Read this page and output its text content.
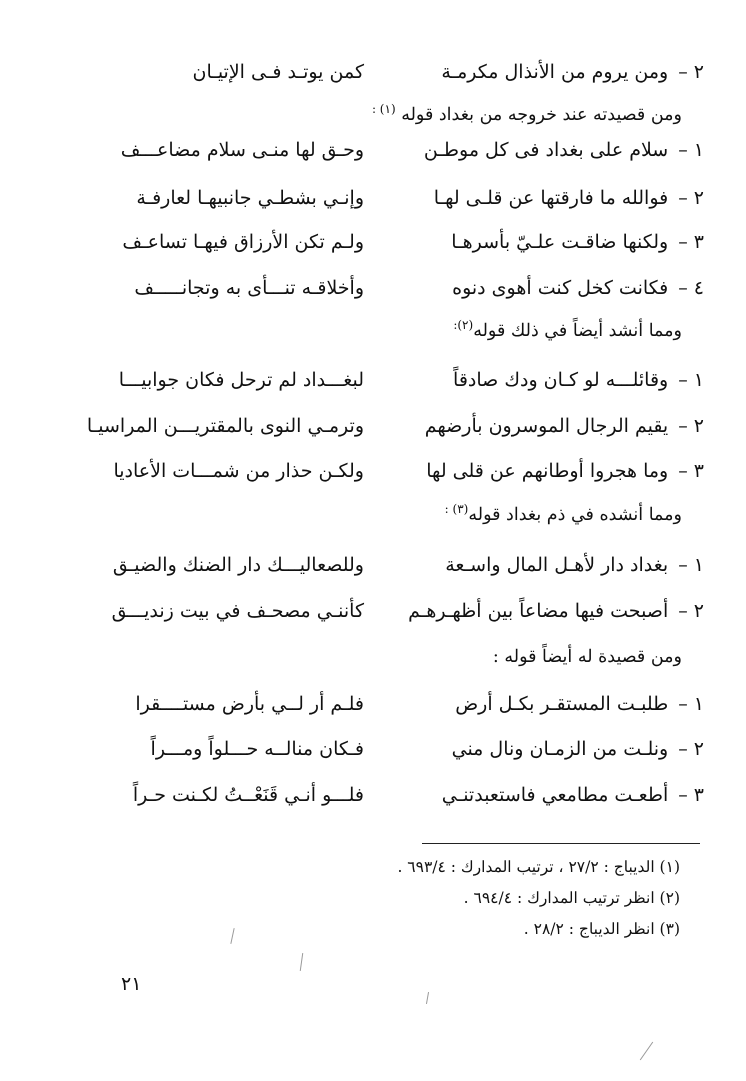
٢ –
ومن يروم من الأنذال مكرمـة
كمن يوتـد فـى الإتيـان
ومن قصيدته عند خروجه من بغداد قوله $^{(١) :}$
١ –
سلام على بغداد فى كل موطـن
وحـق لها منـى سلام مضاعـــف
٢ –
فوالله ما فارقتها عن قلـى لهـا
وإنـي بشطـي جانبيهـا لعارفـة
٣ –
ولكنها ضاقـت علـيّ بأسرهـا
ولـم تكن الأرزاق فيهـا تساعـف
٤ –
فكانت كخل كنت أهوى دنوه
وأخلاقـه تنـــأى به وتجانـــــف
ومما أنشد أيضاً في ذلك قوله$^{(٢):}$
١ –
وقائلـــه لو كـان ودك صادقاً
لبغـــداد لم ترحل فكان جوابيـــا
٢ –
يقيم الرجال الموسرون بأرضهم
وترمـي النوى بالمقتريـــن المراسيـا
٣ –
وما هجروا أوطانهم عن قلى لها
ولكـن حذار من شمـــات الأعاديا
ومما أنشده في ذم بغداد قوله$^{(٣) :}$
١ –
بغداد دار لأهـل المال واسـعة
وللصعاليـــك دار الضنك والضيـق
٢ –
أصبحت فيها مضاعاً بين أظهـرهـم
كأننـي مصحـف في بيت زنديـــق
ومن قصيدة له أيضاً قوله :
١ –
طلبـت المستقـر بكـل أرض
فلـم أر لــي بأرض مستــــقرا
٢ –
ونلـت من الزمـان ونال مني
فـكان منالــه حـــلواً ومـــراً
٣ –
أطعـت مطامعي فاستعبدتنـي
فلـــو أنـي قَنَعْــتُ لكـنت حـراً
(١) الديباج : ٢٧/٢ ، ترتيب المدارك : ٦٩٣/٤ .
(٢) انظر ترتيب المدارك : ٦٩٤/٤ .
(٣) انظر الديباج : ٢٨/٢ .
٢١
